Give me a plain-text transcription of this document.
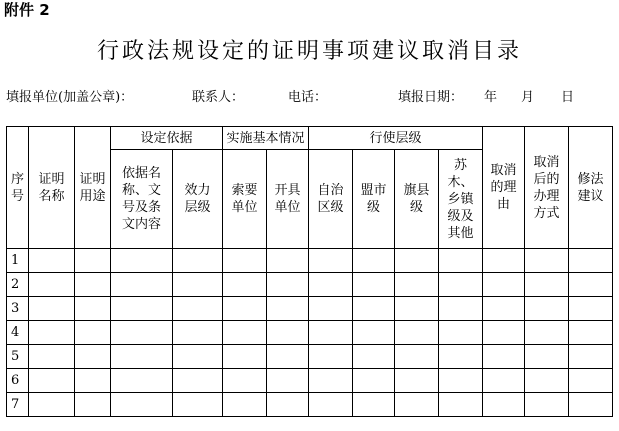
附件 2
行政法规设定的证明事项建议取消目录
填报单位(加盖公章)：	联系人：	电话：	填报日期： 年 月 日
序号	证明名称	证明用途	设定依据		实施基本情况		行使层级				取消的理由	取消后的办理方式	修法建议
			依据名称、文号及条文内容	效力层级	索要单位	开具单位	自治区级	盟市级	旗县级	苏木、乡镇级及其他			
1													
2													
3													
4													
5													
6													
7													
